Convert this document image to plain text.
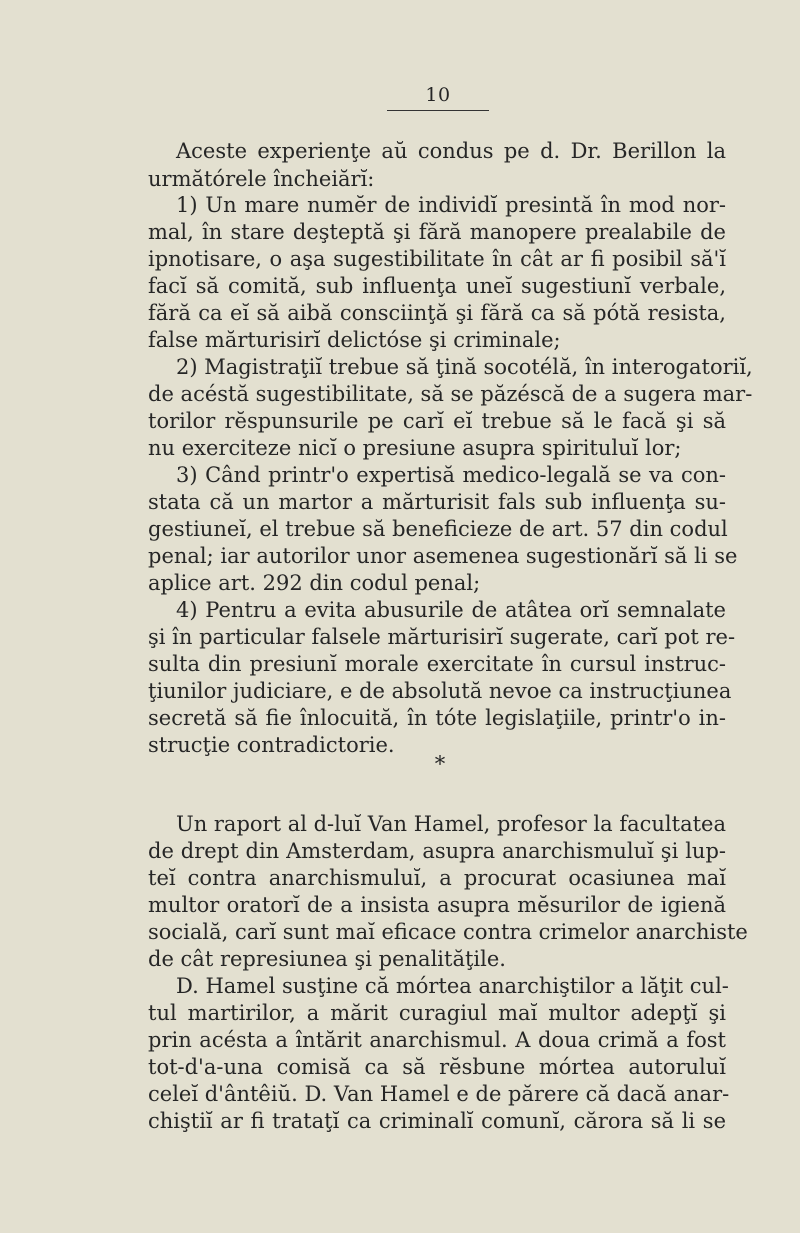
10
Aceste experienţe aŭ condus pe d. Dr. Berillon la
următórele încheiărĭ:
1) Un mare numĕr de individĭ presintă în mod nor-
mal, în stare deşteptă şi fără manopere prealabile de
ipnotisare, o aşa sugestibilitate în cât ar fi posibil să'ĭ
facĭ să comită, sub influenţa uneĭ sugestiunĭ verbale,
fără ca eĭ să aibă consciinţă şi fără ca să pótă resista,
false mărturisirĭ delictóse şi criminale;
2) Magistraţiĭ trebue să ţină socotélă, în interogatoriĭ,
de acéstă sugestibilitate, să se păzéscă de a sugera mar-
torilor rĕspunsurile pe carĭ eĭ trebue să le facă şi să
nu exerciteze nicĭ o presiune asupra spirituluĭ lor;
3) Când printr'o expertisă medico-legală se va con-
stata că un martor a mărturisit fals sub influenţa su-
gestiuneĭ, el trebue să beneficieze de art. 57 din codul
penal; iar autorilor unor asemenea sugestionărĭ să li se
aplice art. 292 din codul penal;
4) Pentru a evita abusurile de atâtea orĭ semnalate
şi în particular falsele mărturisirĭ sugerate, carĭ pot re-
sulta din presiunĭ morale exercitate în cursul instruc-
ţiunilor judiciare, e de absolută nevoe ca instrucţiunea
secretă să fie înlocuită, în tóte legislaţiile, printr'o in-
strucţie contradictorie.
*
Un raport al d-luĭ Van Hamel, profesor la facultatea
de drept din Amsterdam, asupra anarchismuluĭ şi lup-
teĭ contra anarchismuluĭ, a procurat ocasiunea maĭ
multor oratorĭ de a insista asupra mĕsurilor de igienă
socială, carĭ sunt maĭ eficace contra crimelor anarchiste
de cât represiunea şi penalităţile.
D. Hamel susţine că mórtea anarchiştilor a lăţit cul-
tul martirilor, a mărit curagiul maĭ multor adepţĭ şi
prin acésta a întărit anarchismul. A doua crimă a fost
tot-d'a-una comisă ca să rĕsbune mórtea autoruluĭ
celeĭ d'ântêiŭ. D. Van Hamel e de părere că dacă anar-
chiştiĭ ar fi trataţĭ ca criminalĭ comunĭ, cărora să li se
